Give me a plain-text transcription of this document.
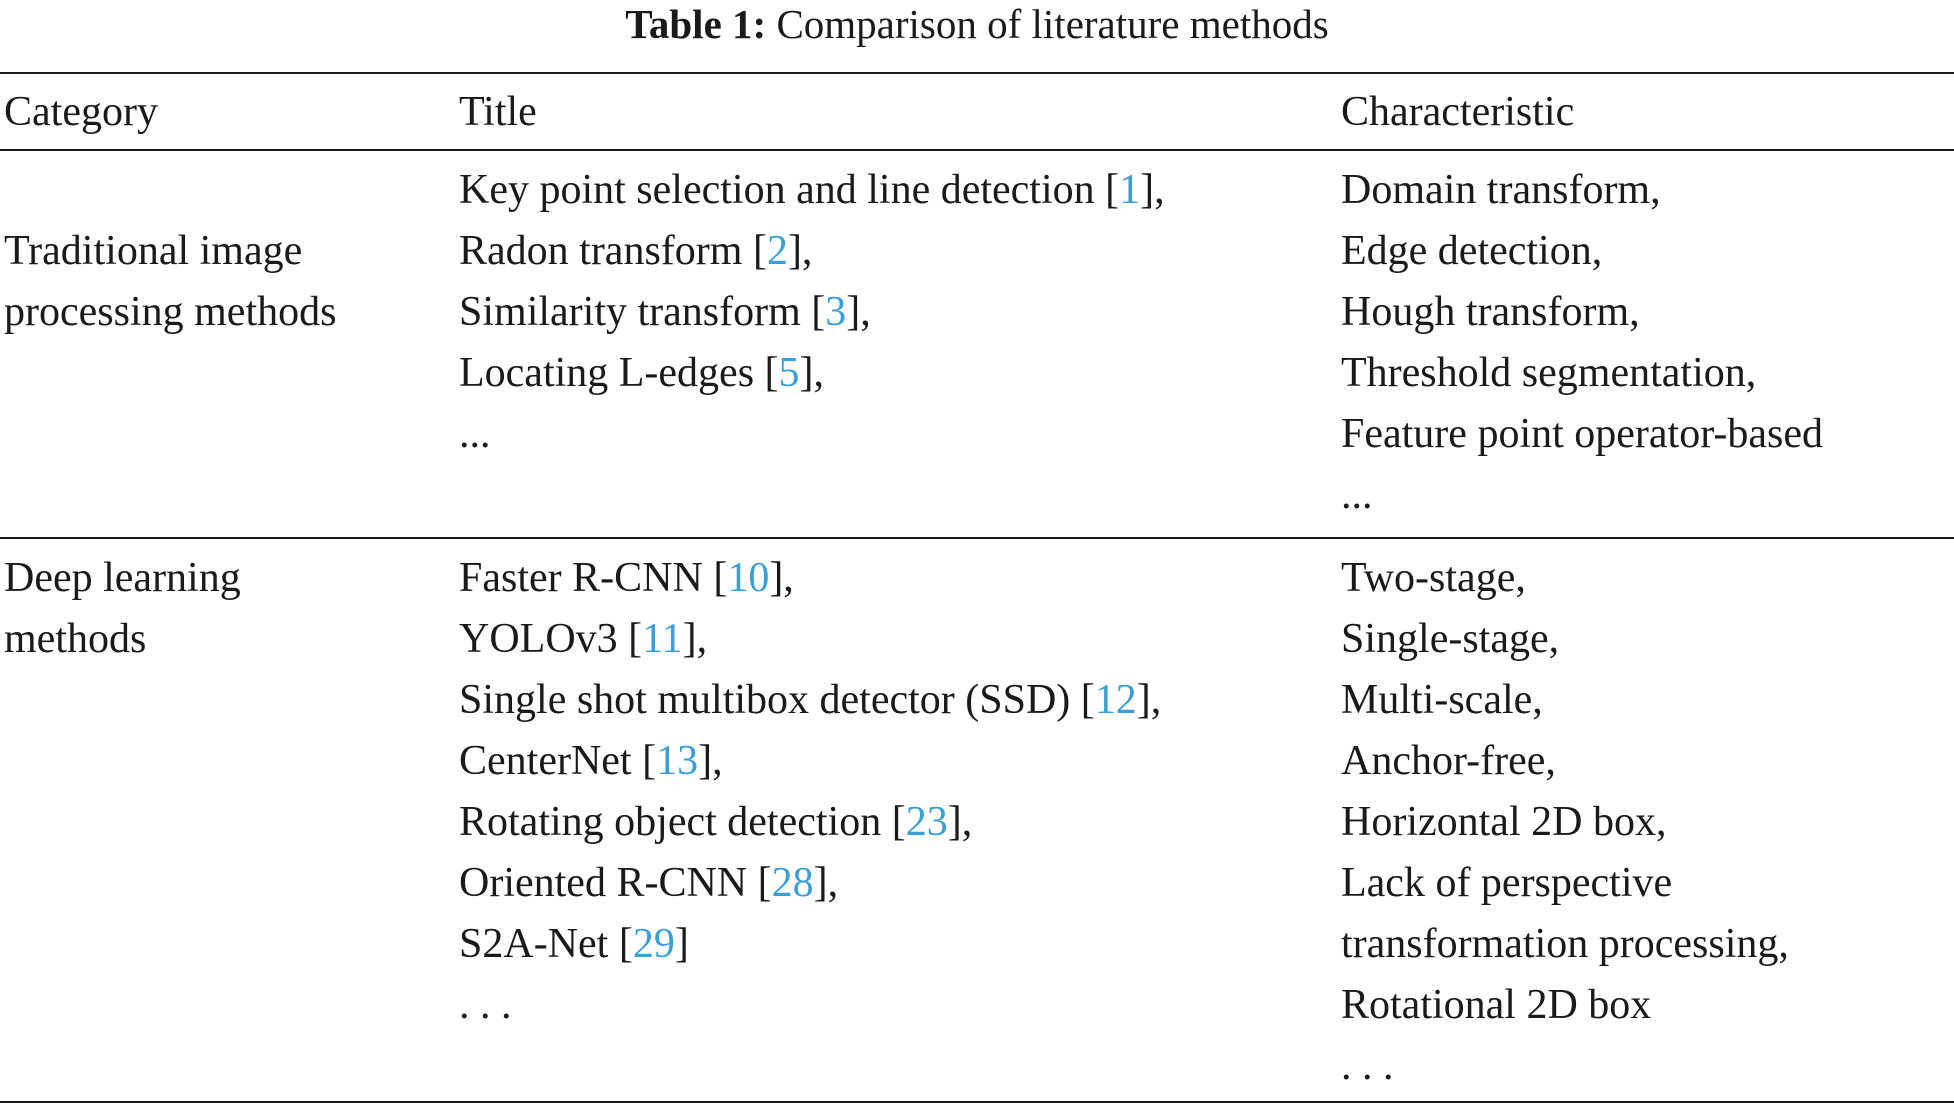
Table 1: Comparison of literature methods
Category	Title	Characteristic
Traditional image
processing methods
Key point selection and line detection [1],
Radon transform [2],
Similarity transform [3],
Locating L-edges [5],
...
Domain transform,
Edge detection,
Hough transform,
Threshold segmentation,
Feature point operator-based
...
Deep learning
methods
Faster R-CNN [10],
YOLOv3 [11],
Single shot multibox detector (SSD) [12],
CenterNet [13],
Rotating object detection [23],
Oriented R-CNN [28],
S2A-Net [29]
. . .
Two-stage,
Single-stage,
Multi-scale,
Anchor-free,
Horizontal 2D box,
Lack of perspective
transformation processing,
Rotational 2D box
. . .
